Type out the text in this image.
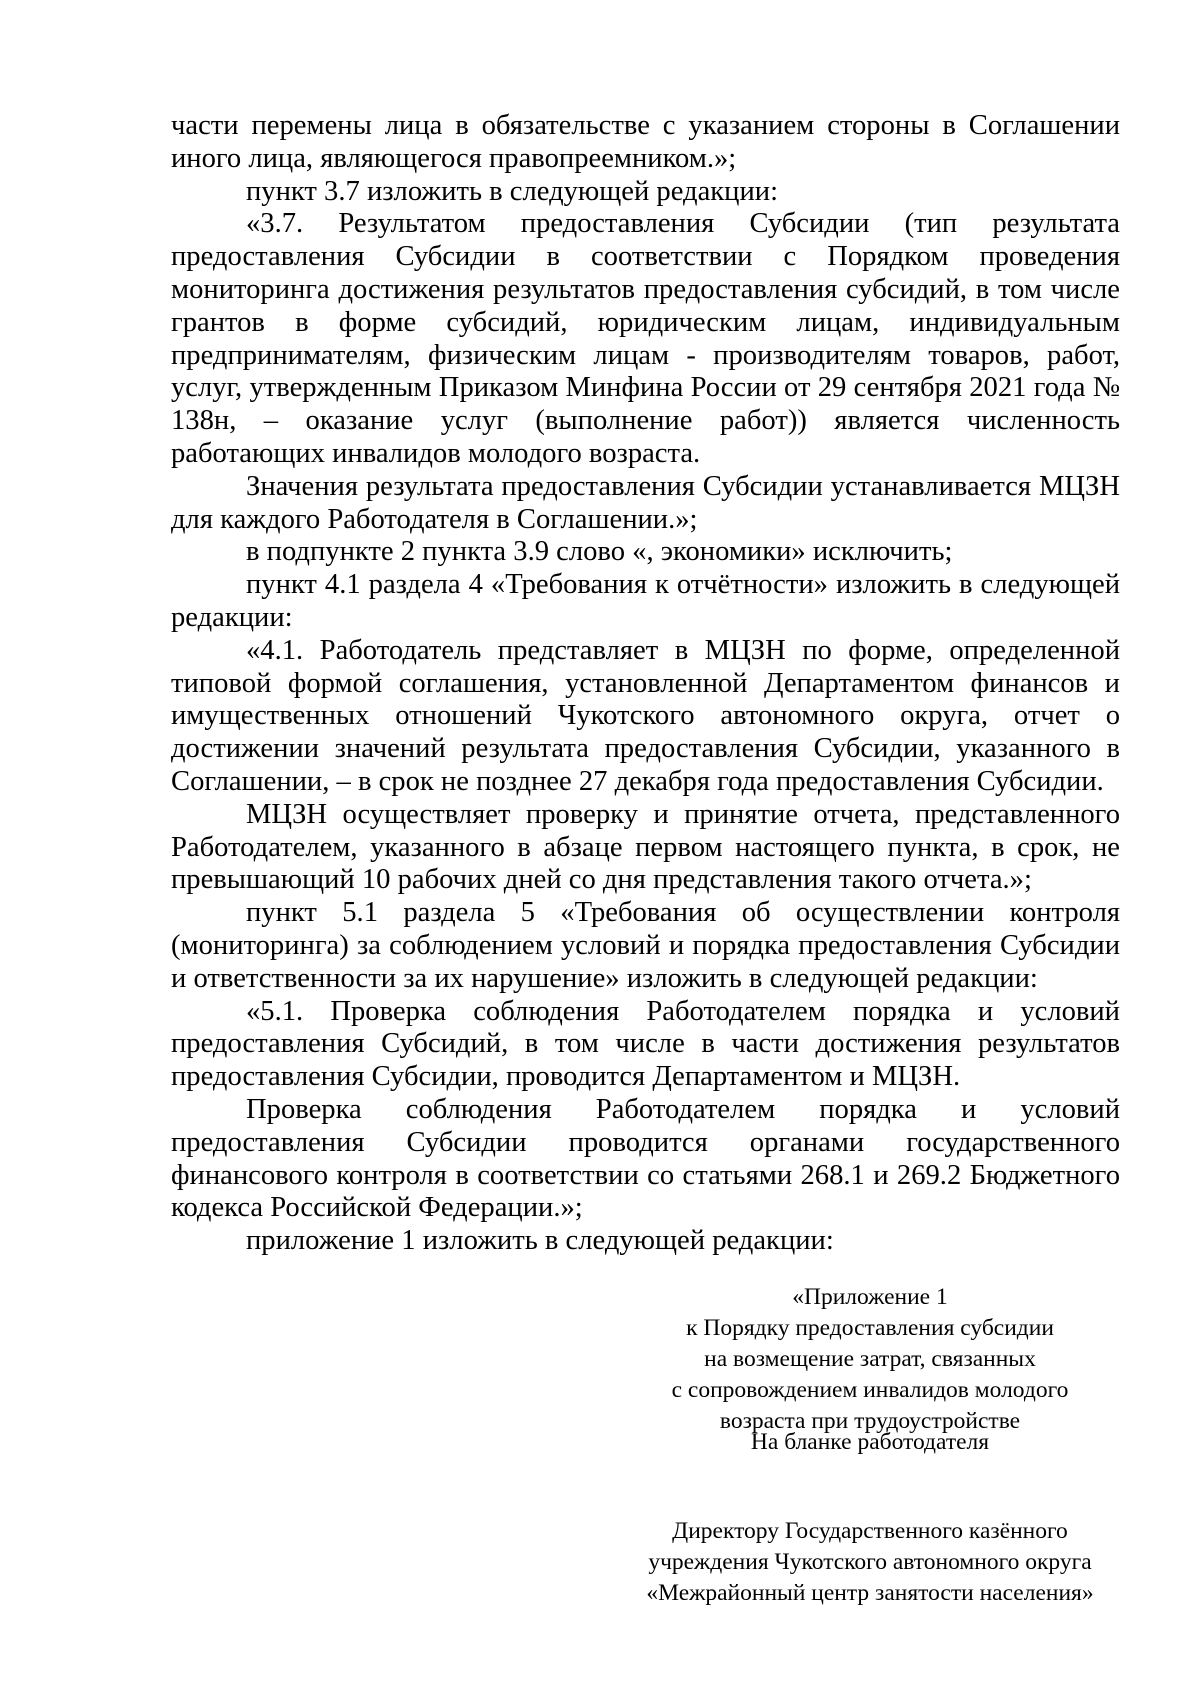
части перемены лица в обязательстве с указанием стороны в Соглашении иного лица, являющегося правопреемником.»;

пункт 3.7 изложить в следующей редакции:

«3.7. Результатом предоставления Субсидии (тип результата предоставления Субсидии в соответствии с Порядком проведения мониторинга достижения результатов предоставления субсидий, в том числе грантов в форме субсидий, юридическим лицам, индивидуальным предпринимателям, физическим лицам - производителям товаров, работ, услуг, утвержденным Приказом Минфина России от 29 сентября 2021 года № 138н, – оказание услуг (выполнение работ)) является численность работающих инвалидов молодого возраста.

Значения результата предоставления Субсидии устанавливается МЦЗН для каждого Работодателя в Соглашении.»;

в подпункте 2 пункта 3.9 слово «, экономики» исключить;

пункт 4.1 раздела 4 «Требования к отчётности» изложить в следующей редакции:

«4.1. Работодатель представляет в МЦЗН по форме, определенной типовой формой соглашения, установленной Департаментом финансов и имущественных отношений Чукотского автономного округа, отчет о достижении значений результата предоставления Субсидии, указанного в Соглашении, – в срок не позднее 27 декабря года предоставления Субсидии.

МЦЗН осуществляет проверку и принятие отчета, представленного Работодателем, указанного в абзаце первом настоящего пункта, в срок, не превышающий 10 рабочих дней со дня представления такого отчета.»;

пункт 5.1 раздела 5 «Требования об осуществлении контроля (мониторинга) за соблюдением условий и порядка предоставления Субсидии и ответственности за их нарушение» изложить в следующей редакции:

«5.1. Проверка соблюдения Работодателем порядка и условий предоставления Субсидий, в том числе в части достижения результатов предоставления Субсидии, проводится Департаментом и МЦЗН.

Проверка соблюдения Работодателем порядка и условий предоставления Субсидии проводится органами государственного финансового контроля в соответствии со статьями 268.1 и 269.2 Бюджетного кодекса Российской Федерации.»;

приложение 1 изложить в следующей редакции:

«Приложение 1
к Порядку предоставления субсидии
на возмещение затрат, связанных
с сопровождением инвалидов молодого
возраста при трудоустройстве
На бланке работодателя
Директору Государственного казённого
учреждения Чукотского автономного округа
«Межрайонный центр занятости населения»
